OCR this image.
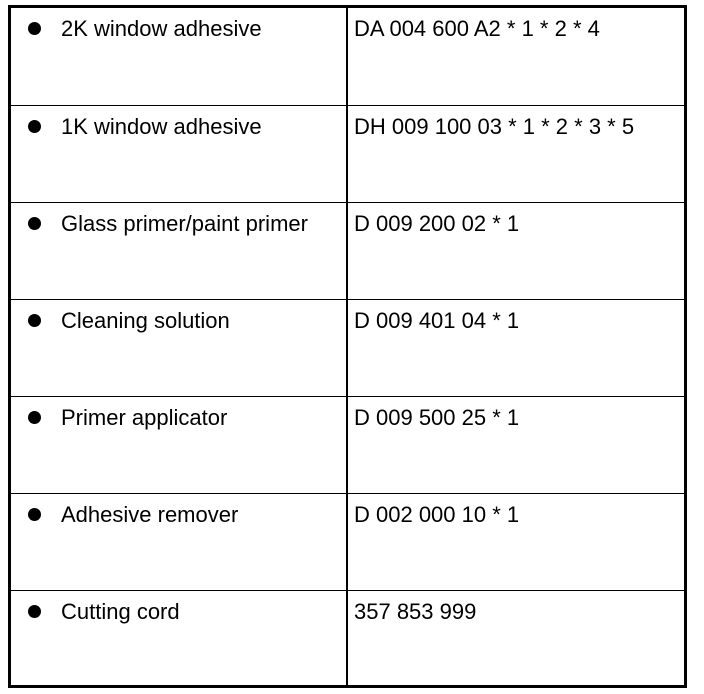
2K window adhesive	DA 004 600 A2 * 1 * 2 * 4

1K window adhesive	DH 009 100 03 * 1 * 2 * 3 * 5

Glass primer/paint primer	D 009 200 02 * 1

Cleaning solution	D 009 401 04 * 1

Primer applicator	D 009 500 25 * 1

Adhesive remover	D 002 000 10 * 1

Cutting cord	357 853 999
